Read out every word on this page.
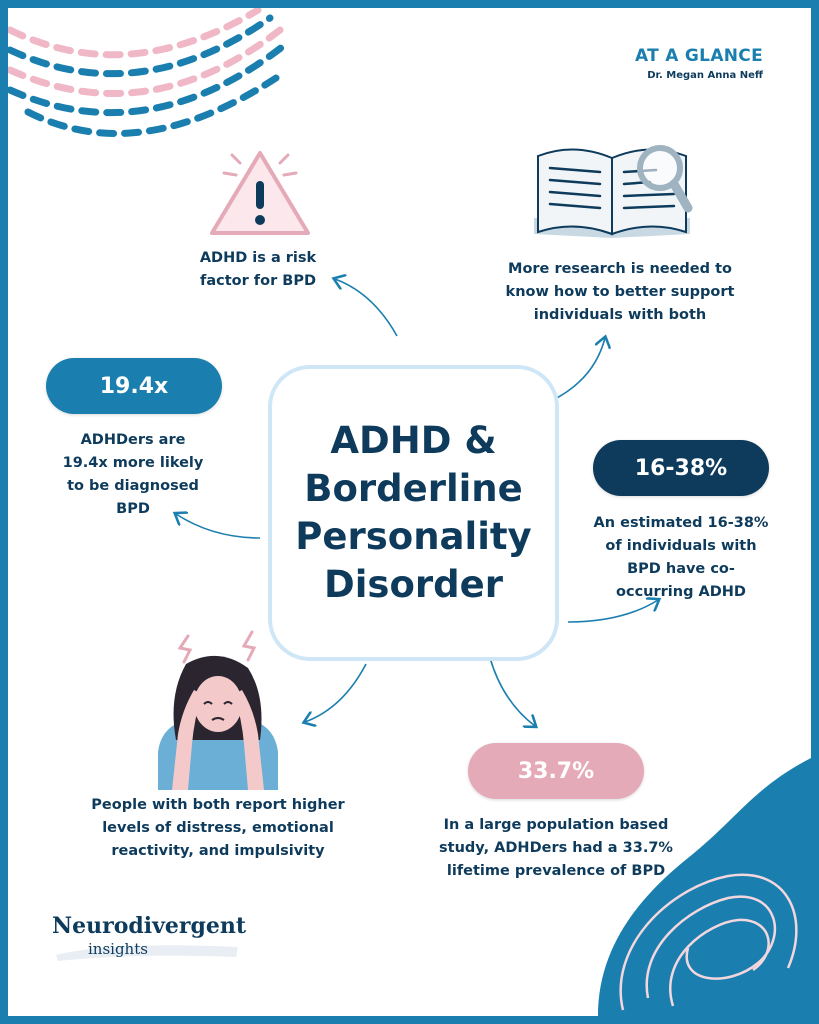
AT A GLANCE
Dr. Megan Anna Neff
ADHD &
Borderline
Personality
Disorder
ADHD is a risk
factor for BPD
More research is needed to
know how to better support
individuals with both
19.4x
ADHDers are
19.4x more likely
to be diagnosed
BPD
16-38%
An estimated 16-38%
of individuals with
BPD have co-
occurring ADHD
People with both report higher
levels of distress, emotional
reactivity, and impulsivity
33.7%
In a large population based
study, ADHDers had a 33.7%
lifetime prevalence of BPD
Neurodivergent
insights
